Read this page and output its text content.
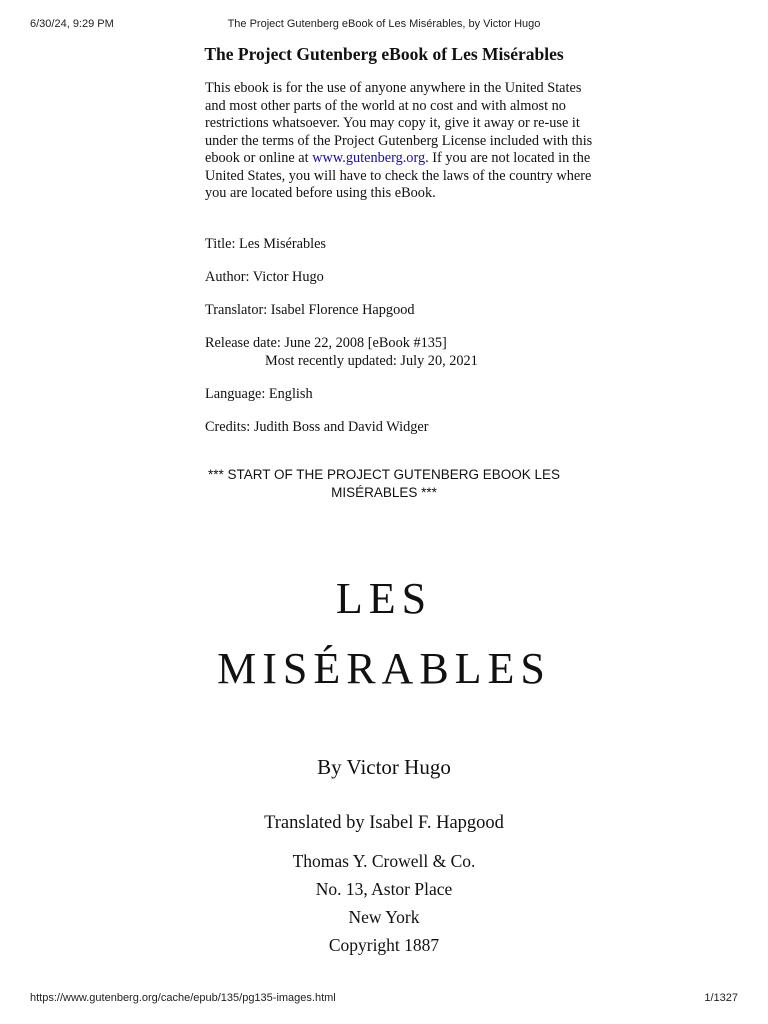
6/30/24, 9:29 PM	The Project Gutenberg eBook of Les Misérables, by Victor Hugo
The Project Gutenberg eBook of Les Misérables

This ebook is for the use of anyone anywhere in the United States and most other parts of the world at no cost and with almost no restrictions whatsoever. You may copy it, give it away or re-use it under the terms of the Project Gutenberg License included with this ebook or online at www.gutenberg.org. If you are not located in the United States, you will have to check the laws of the country where you are located before using this eBook.

Title: Les Misérables

Author: Victor Hugo

Translator: Isabel Florence Hapgood

Release date: June 22, 2008 [eBook #135]
Most recently updated: July 20, 2021

Language: English

Credits: Judith Boss and David Widger

*** START OF THE PROJECT GUTENBERG EBOOK LES MISÉRABLES ***

LES
MISÉRABLES

By Victor Hugo

Translated by Isabel F. Hapgood

Thomas Y. Crowell & Co.
No. 13, Astor Place
New York
Copyright 1887
https://www.gutenberg.org/cache/epub/135/pg135-images.html	1/1327
